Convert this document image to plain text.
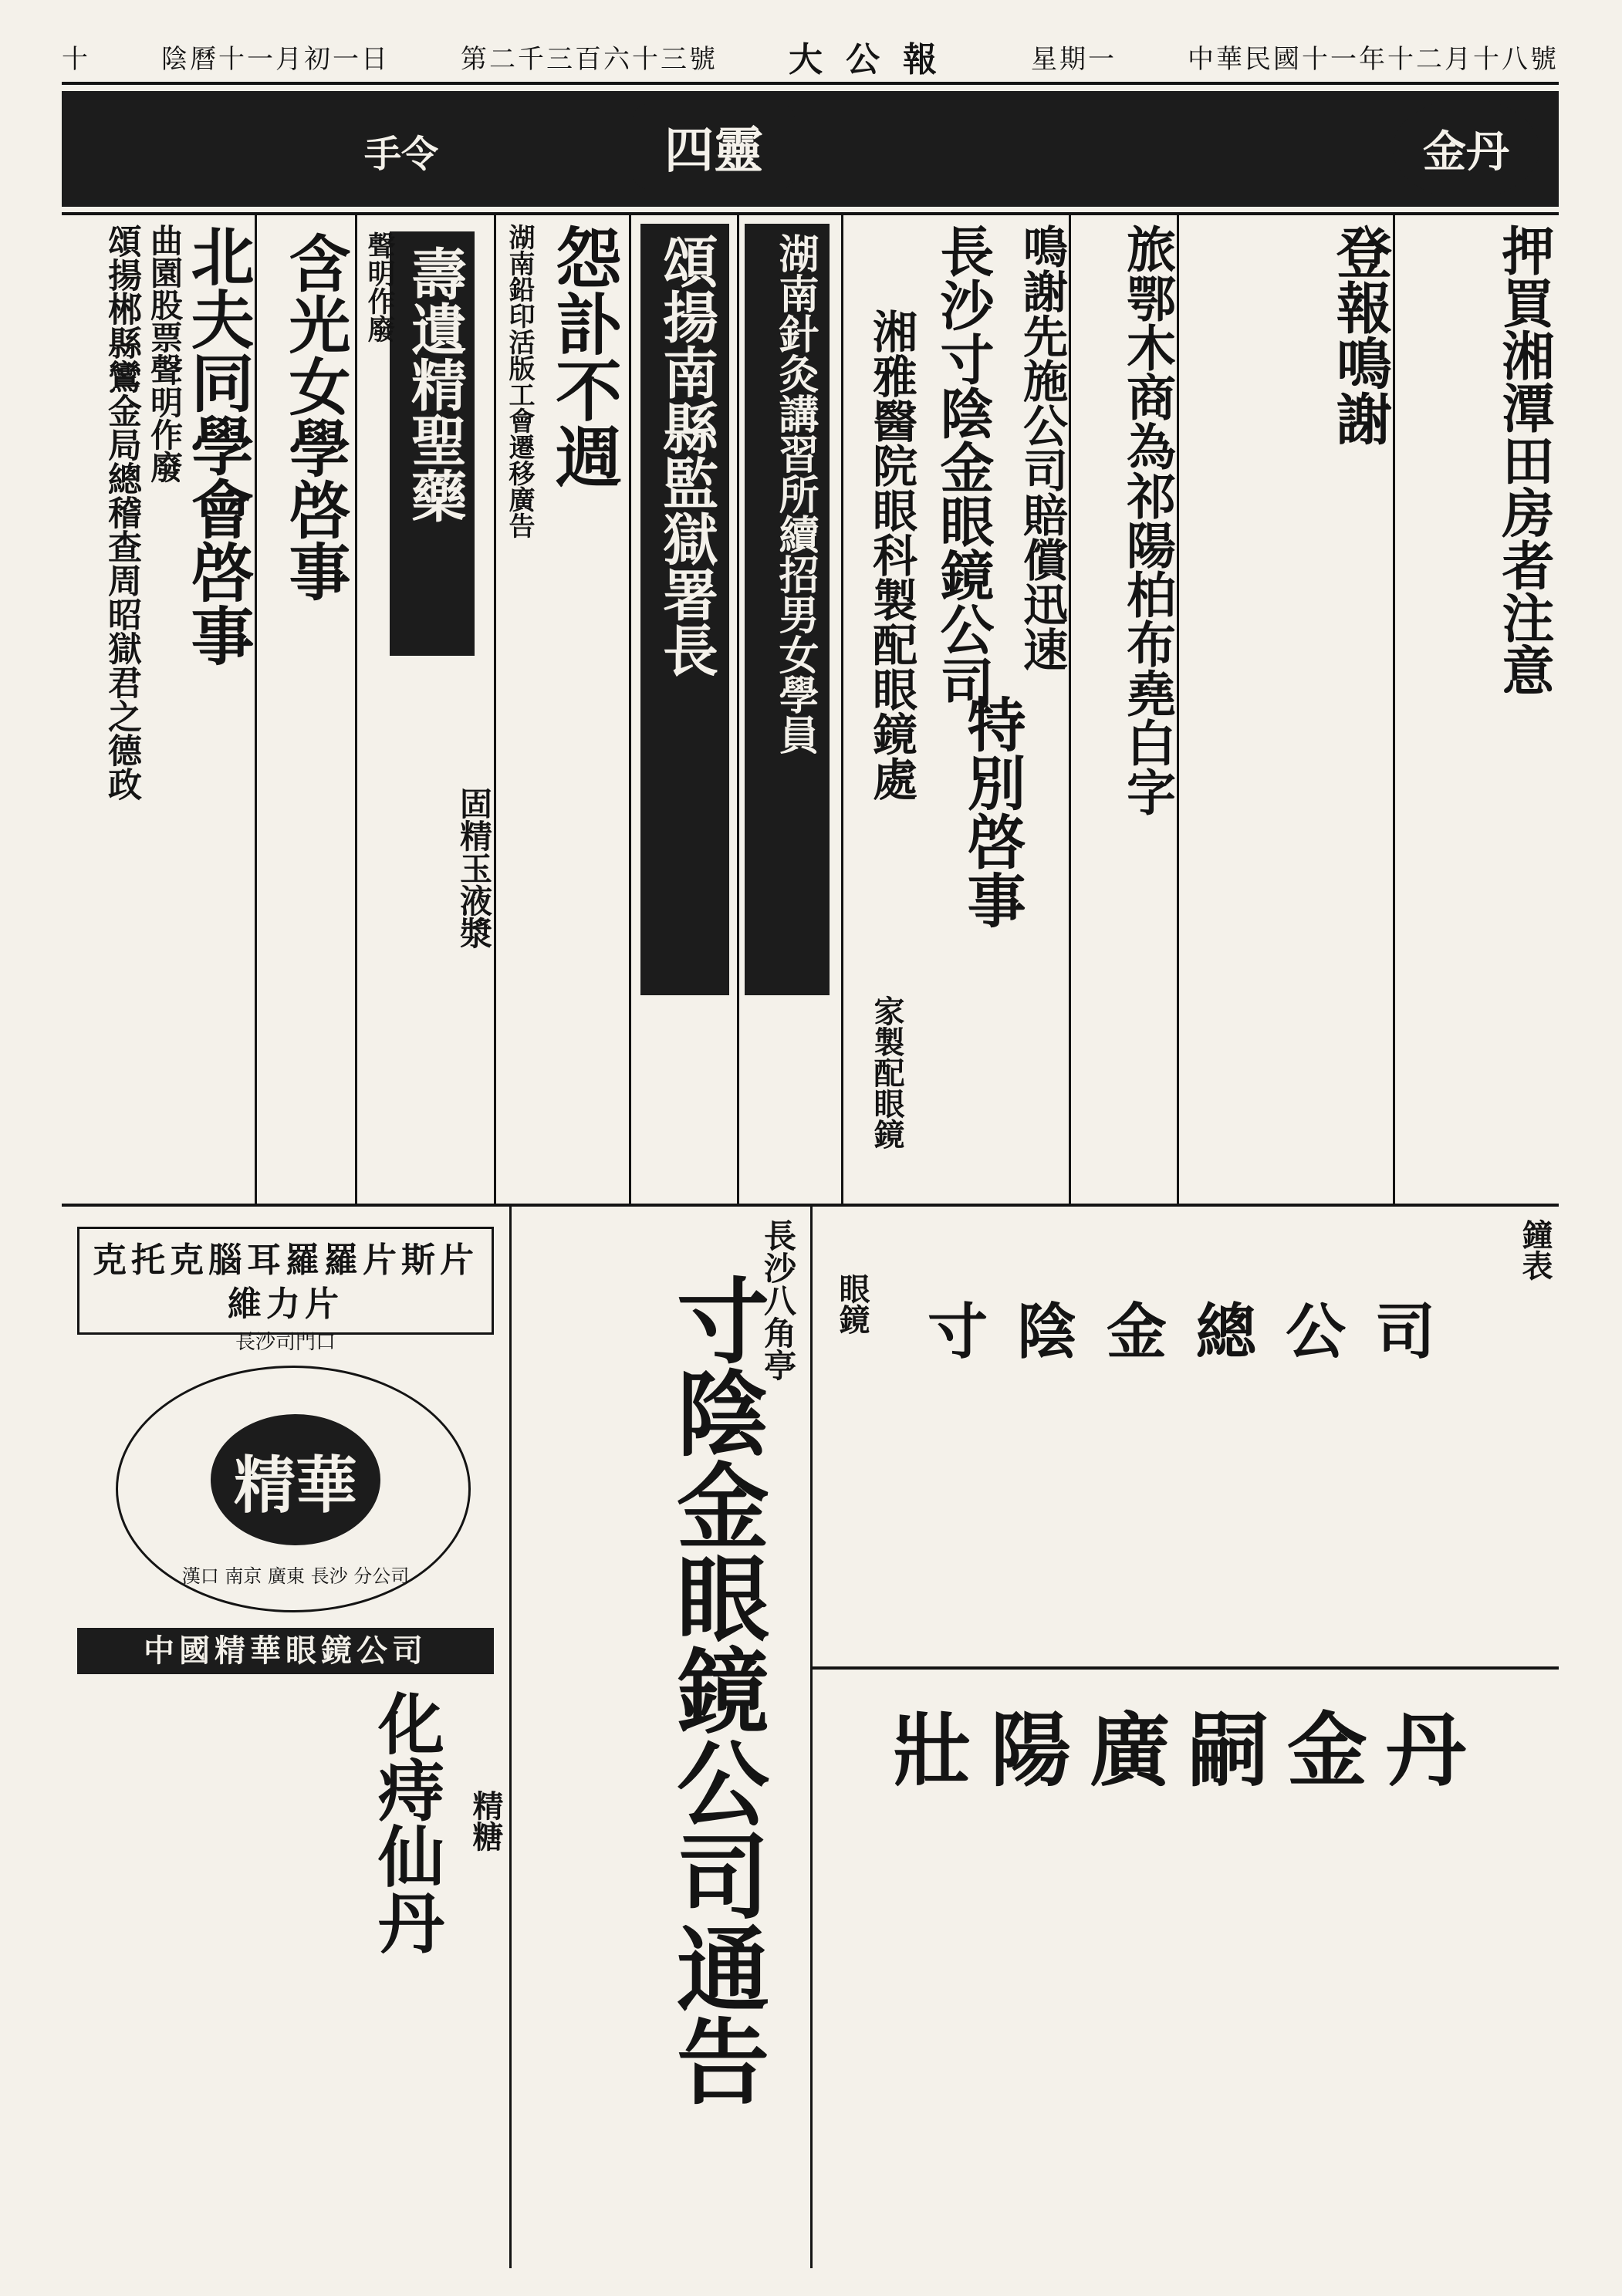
十	陰曆十一月初一日	第二千三百六十三號 大公報	星期一	中華民國十一年十二月十八號
金丹
四靈
手令
押買湘潭田房者注意
登報鳴謝
旅鄂木商為祁陽柏布堯白字
鳴謝先施公司賠償迅速
長沙寸陰金眼鏡公司
湘雅醫院眼科製配眼鏡處
特別啓事
家製配眼鏡
湖南針灸講習所續招男女學員
頌揚南縣監獄署長
怨訃不週
湖南鉛印活版工會遷移廣告
固精玉液漿
壽遺精聖藥
聲明作廢
含光女學啓事
北夫同學會啓事
曲園股票聲明作廢
頌揚郴縣鸞金局總稽查周昭獄君之德政
克托克腦耳羅羅片斯片維力片
長沙司門口
精華
漢口 南京 廣東 長沙 分公司
中國精華眼鏡公司
化痔仙丹 精糖
長沙八角亭
寸陰金眼鏡公司通告
鐘表
寸陰金總公司
眼鏡
壯陽廣嗣金丹
